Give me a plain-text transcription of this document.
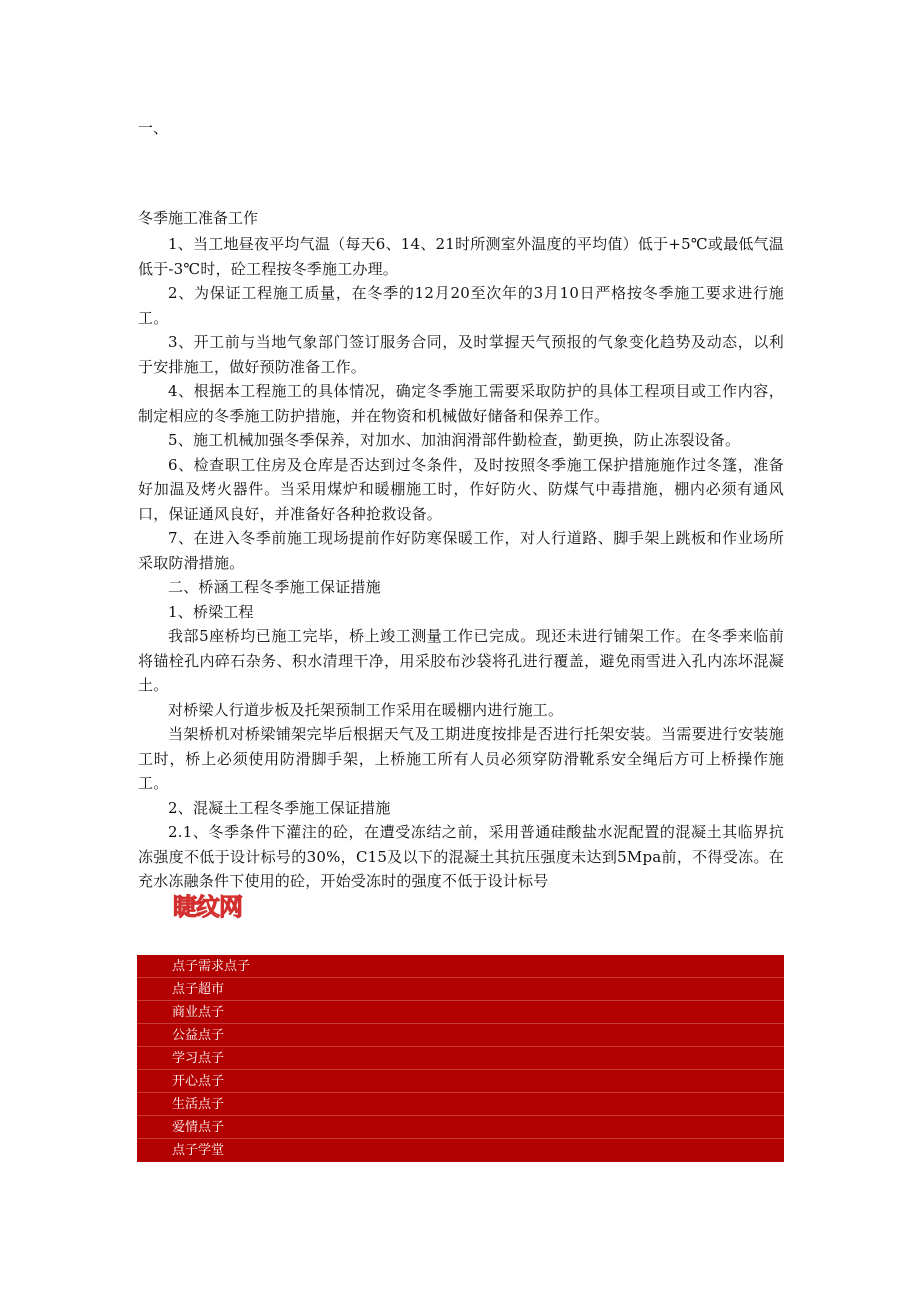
一、
冬季施工准备工作

1、当工地昼夜平均气温（每天6、14、21时所测室外温度的平均值）低于+5℃或最低气温低于-3℃时，砼工程按冬季施工办理。

2、为保证工程施工质量，在冬季的12月20至次年的3月10日严格按冬季施工要求进行施工。

3、开工前与当地气象部门签订服务合同，及时掌握天气预报的气象变化趋势及动态，以利于安排施工，做好预防准备工作。

4、根据本工程施工的具体情况，确定冬季施工需要采取防护的具体工程项目或工作内容，制定相应的冬季施工防护措施，并在物资和机械做好储备和保养工作。

5、施工机械加强冬季保养，对加水、加油润滑部件勤检查，勤更换，防止冻裂设备。

6、检查职工住房及仓库是否达到过冬条件，及时按照冬季施工保护措施施作过冬篷，准备好加温及烤火器件。当采用煤炉和暖棚施工时，作好防火、防煤气中毒措施，棚内必须有通风口，保证通风良好，并准备好各种抢救设备。

7、在进入冬季前施工现场提前作好防寒保暖工作，对人行道路、脚手架上跳板和作业场所采取防滑措施。

二、桥涵工程冬季施工保证措施

1、桥梁工程

我部5座桥均已施工完毕，桥上竣工测量工作已完成。现还未进行铺架工作。在冬季来临前将锚栓孔内碎石杂务、积水清理干净，用采胶布沙袋将孔进行覆盖，避免雨雪进入孔内冻坏混凝土。

对桥梁人行道步板及托架预制工作采用在暖棚内进行施工。

当架桥机对桥梁铺架完毕后根据天气及工期进度按排是否进行托架安装。当需要进行安装施工时，桥上必须使用防滑脚手架，上桥施工所有人员必须穿防滑靴系安全绳后方可上桥操作施工。

2、混凝土工程冬季施工保证措施

2.1、冬季条件下灌注的砼，在遭受冻结之前，采用普通硅酸盐水泥配置的混凝土其临界抗冻强度不低于设计标号的30%，C15及以下的混凝土其抗压强度未达到5Mpa前，不得受冻。在充水冻融条件下使用的砼，开始受冻时的强度不低于设计标号

睫纹网
点子需求点子
点子超市
商业点子
公益点子
学习点子
开心点子
生活点子
爱情点子
点子学堂
